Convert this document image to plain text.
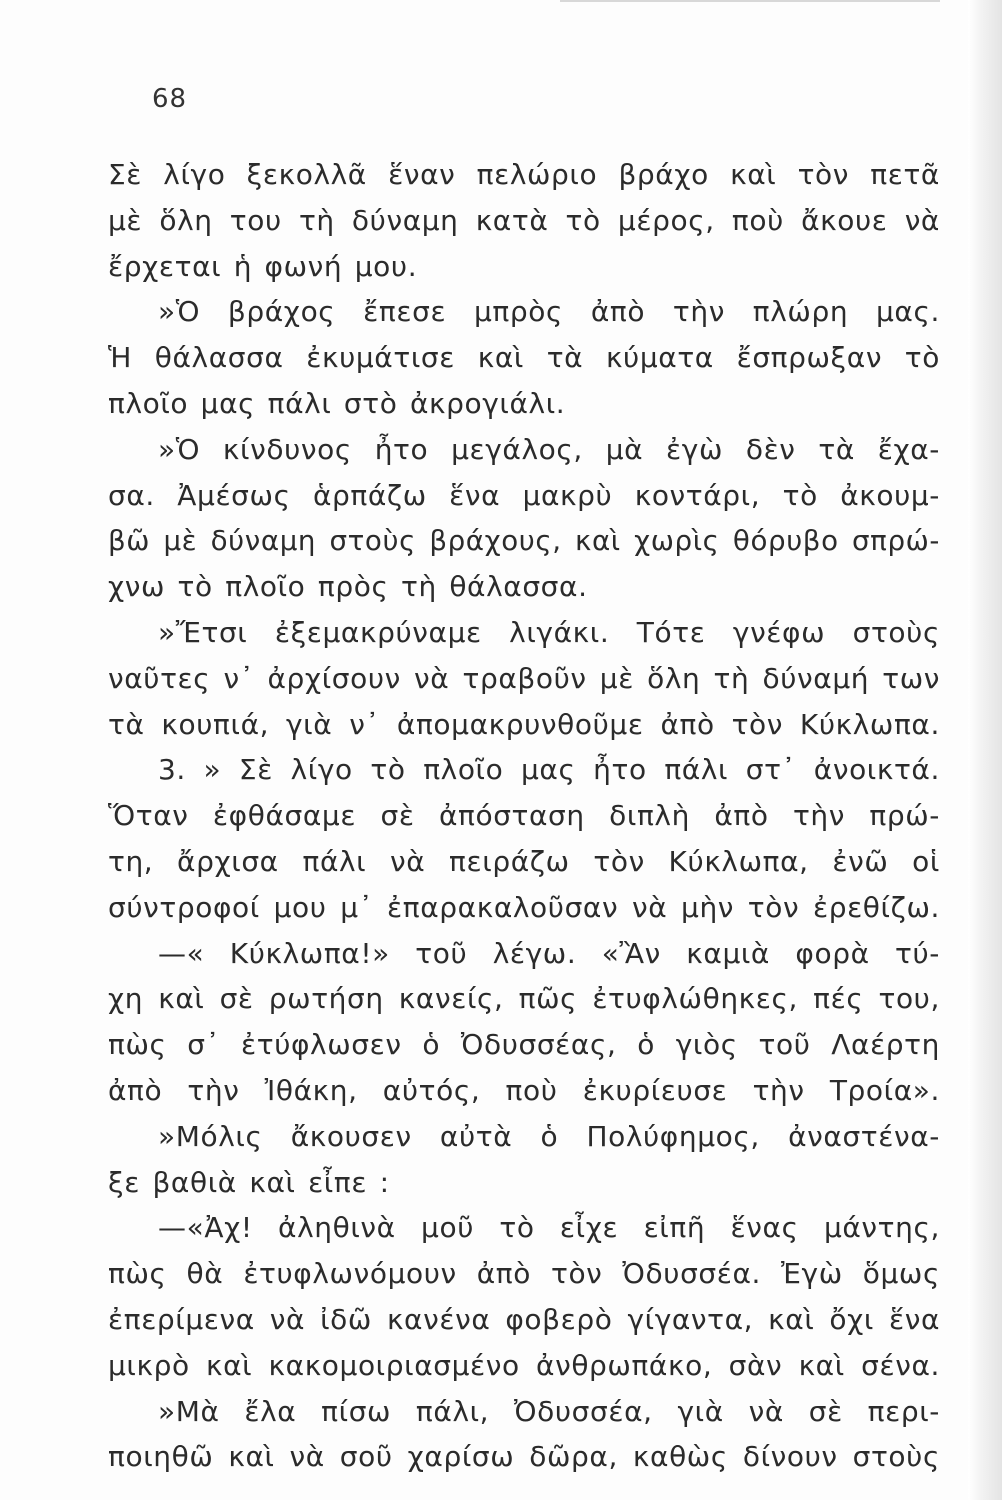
68
Σὲ λίγο ξεκολλᾶ ἕναν πελώριο βράχο καὶ τὸν πετᾶ
μὲ ὅλη του τὴ δύναμη κατὰ τὸ μέρος, ποὺ ἄκουε νὰ
ἔρχεται ἡ φωνή μου.
»Ὁ βράχος ἔπεσε μπρὸς ἀπὸ τὴν πλώρη μας.
Ἡ θάλασσα ἐκυμάτισε καὶ τὰ κύματα ἔσπρωξαν τὸ
πλοῖο μας πάλι στὸ ἀκρογιάλι.
»Ὁ κίνδυνος ἦτο μεγάλος, μὰ ἐγὼ δὲν τὰ ἔχα-
σα. Ἀμέσως ἁρπάζω ἕνα μακρὺ κοντάρι, τὸ ἀκουμ-
βῶ μὲ δύναμη στοὺς βράχους, καὶ χωρὶς θόρυβο σπρώ-
χνω τὸ πλοῖο πρὸς τὴ θάλασσα.
»Ἔτσι ἐξεμακρύναμε λιγάκι. Τότε γνέφω στοὺς
ναῦτες ν᾽ ἀρχίσουν νὰ τραβοῦν μὲ ὅλη τὴ δύναμή των
τὰ κουπιά, γιὰ ν᾽ ἀπομακρυνθοῦμε ἀπὸ τὸν Κύκλωπα.
3. » Σὲ λίγο τὸ πλοῖο μας ἦτο πάλι στ᾽ ἀνοικτά.
Ὅταν ἐφθάσαμε σὲ ἀπόσταση διπλὴ ἀπὸ τὴν πρώ-
τη, ἄρχισα πάλι νὰ πειράζω τὸν Κύκλωπα, ἐνῶ οἱ
σύντροφοί μου μ᾽ ἐπαρακαλοῦσαν νὰ μὴν τὸν ἐρεθίζω.
—« Κύκλωπα!» τοῦ λέγω. «Ἂν καμιὰ φορὰ τύ-
χη καὶ σὲ ρωτήση κανείς, πῶς ἐτυφλώθηκες, πές του,
πὼς σ᾽ ἐτύφλωσεν ὁ Ὀδυσσέας, ὁ γιὸς τοῦ Λαέρτη
ἀπὸ τὴν Ἰθάκη, αὐτός, ποὺ ἐκυρίευσε τὴν Τροία».
»Μόλις ἄκουσεν αὐτὰ ὁ Πολύφημος, ἀναστένα-
ξε βαθιὰ καὶ εἶπε :
—«Ἀχ! ἀληθινὰ μοῦ τὸ εἶχε εἰπῆ ἕνας μάντης,
πὼς θὰ ἐτυφλωνόμουν ἀπὸ τὸν Ὀδυσσέα. Ἐγὼ ὅμως
ἐπερίμενα νὰ ἰδῶ κανένα φοβερὸ γίγαντα, καὶ ὄχι ἕνα
μικρὸ καὶ κακομοιριασμένο ἀνθρωπάκο, σὰν καὶ σένα.
»Μὰ ἔλα πίσω πάλι, Ὀδυσσέα, γιὰ νὰ σὲ περι-
ποιηθῶ καὶ νὰ σοῦ χαρίσω δῶρα, καθὼς δίνουν στοὺς
